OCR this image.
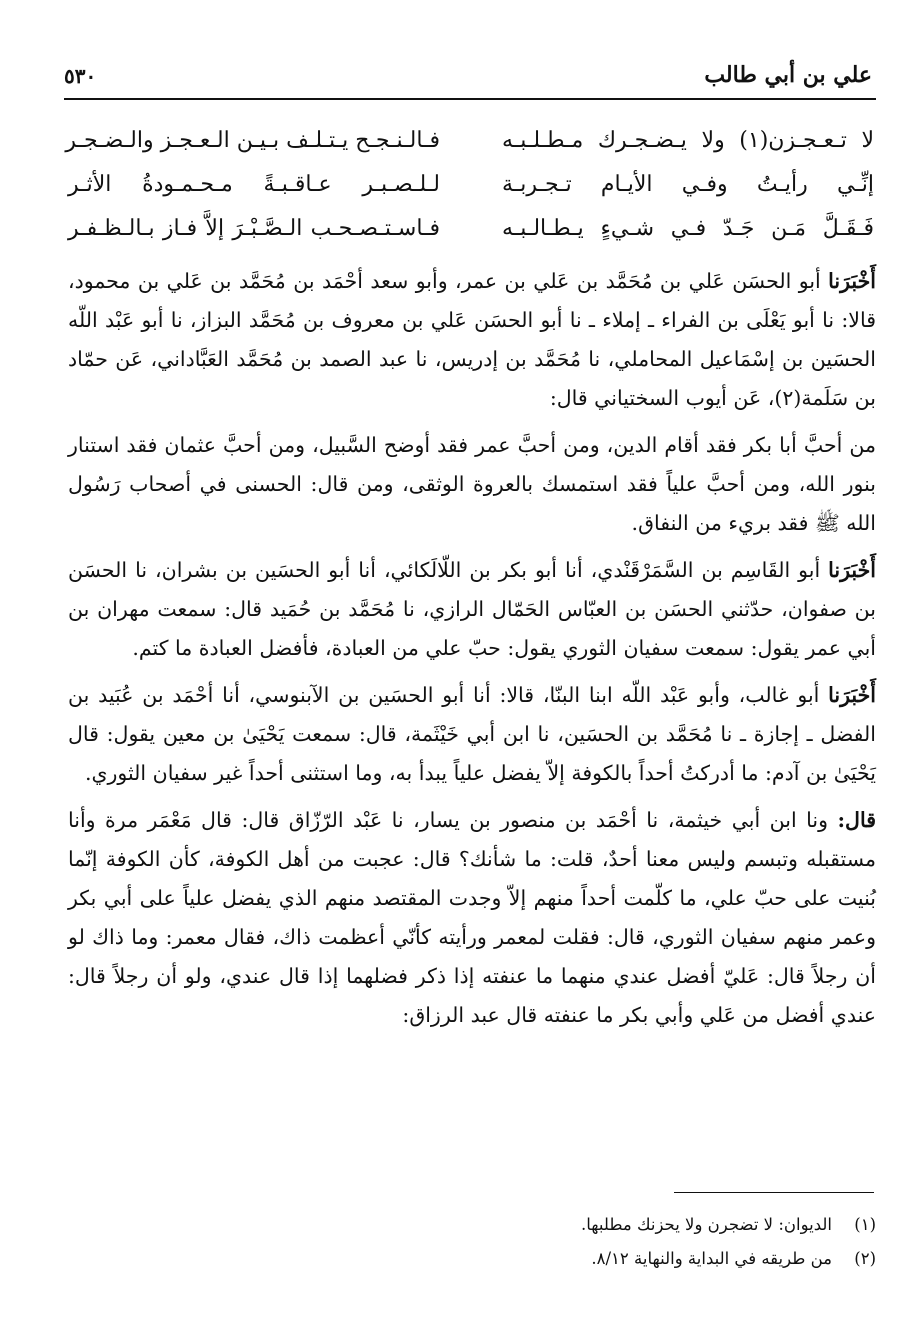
علي بن أبي طالب
٥٣٠
لا تـعـجـزن(١) ولا يـضـجـرك مـطـلـبـه
فـالـنـجـح يـتـلـف بـيـن الـعـجـز والـضـجـر
إنِّـي رأيـتُ وفـي الأيـام تـجـربـة
لـلـصـبـر عـاقـبـةً مـحـمـودةُ الأثـر
فَـقَـلَّ مَـن جَـدّ فـي شـيءٍ يـطـالـبـه
فـاسـتـصـحـب الـصَّـبْـرَ إلاَّ فـاز بـالـظـفـر

أَخْبَرَنا أبو الحسَن عَلي بن مُحَمَّد بن عَلي بن عمر، وأبو سعد أحْمَد بن مُحَمَّد بن عَلي بن محمود، قالا: نا أبو يَعْلَى بن الفراء ـ إملاء ـ نا أبو الحسَن عَلي بن معروف بن مُحَمَّد البزاز، نا أبو عَبْد اللّه الحسَين بن إسْمَاعيل المحاملي، نا مُحَمَّد بن إدريس، نا عبد الصمد بن مُحَمَّد العَبَّاداني، عَن حمّاد بن سَلَمة(٢)، عَن أيوب السختياني قال:

من أحبَّ أبا بكر فقد أقام الدين، ومن أحبَّ عمر فقد أوضح السَّبيل، ومن أحبَّ عثمان فقد استنار بنور الله، ومن أحبَّ علياً فقد استمسك بالعروة الوثقى، ومن قال: الحسنى في أصحاب رَسُول الله ﷺ فقد بريء من النفاق.

أَخْبَرَنا أبو القَاسِم بن السَّمَرْقَنْدي، أنا أبو بكر بن اللّالَكائي، أنا أبو الحسَين بن بشران، نا الحسَن بن صفوان، حدّثني الحسَن بن العبّاس الحَمّال الرازي، نا مُحَمَّد بن حُمَيد قال: سمعت مهران بن أبي عمر يقول: سمعت سفيان الثوري يقول: حبّ علي من العبادة، فأفضل العبادة ما كتم.

أَخْبَرَنا أبو غالب، وأبو عَبْد اللّه ابنا البنّا، قالا: أنا أبو الحسَين بن الآبنوسي، أنا أحْمَد بن عُبَيد بن الفضل ـ إجازة ـ نا مُحَمَّد بن الحسَين، نا ابن أبي خَيْثَمة، قال: سمعت يَحْيَىٰ بن معين يقول: قال يَحْيَىٰ بن آدم: ما أدركتُ أحداً بالكوفة إلاّ يفضل علياً يبدأ به، وما استثنى أحداً غير سفيان الثوري.

قال: ونا ابن أبي خيثمة، نا أحْمَد بن منصور بن يسار، نا عَبْد الرّزّاق قال: قال مَعْمَر مرة وأنا مستقبله وتبسم وليس معنا أحدٌ، قلت: ما شأنك؟ قال: عجبت من أهل الكوفة، كأن الكوفة إنّما بُنيت على حبّ علي، ما كلّمت أحداً منهم إلاّ وجدت المقتصد منهم الذي يفضل علياً على أبي بكر وعمر منهم سفيان الثوري، قال: فقلت لمعمر ورأيته كأنّي أعظمت ذاك، فقال معمر: وما ذاك لو أن رجلاً قال: عَليّ أفضل عندي منهما ما عنفته إذا ذكر فضلهما إذا قال عندي، ولو أن رجلاً قال: عندي أفضل من عَلي وأبي بكر ما عنفته قال عبد الرزاق:

(١)الديوان: لا تضجرن ولا يحزنك مطلبها.
(٢)من طريقه في البداية والنهاية ٨/١٢.
